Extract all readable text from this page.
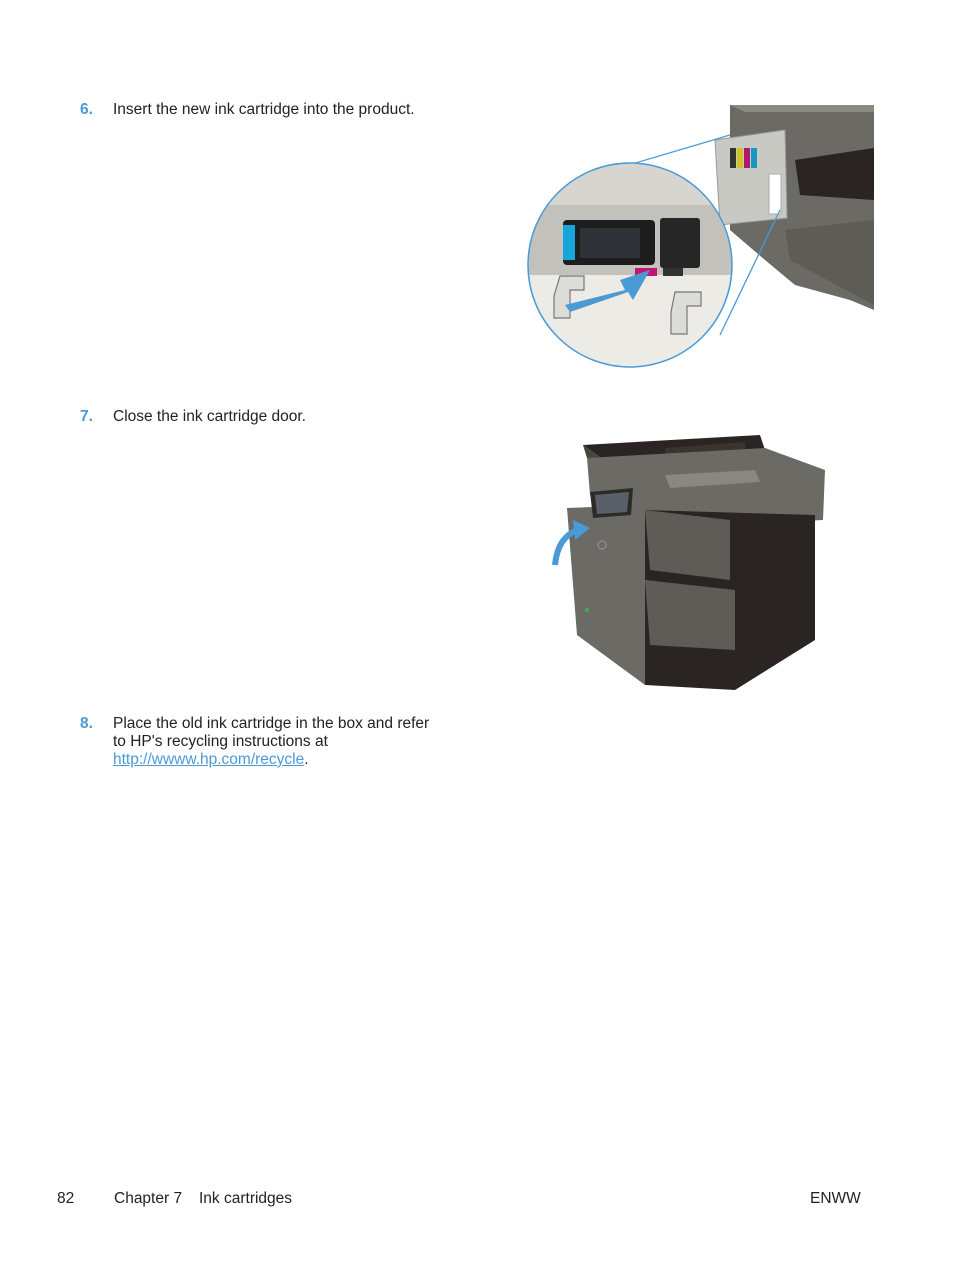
6. Insert the new ink cartridge into the product.
7. Close the ink cartridge door.
8. Place the old ink cartridge in the box and refer
to HP's recycling instructions at
http://wwww.hp.com/recycle.
82	Chapter 7 Ink cartridges	ENWW
